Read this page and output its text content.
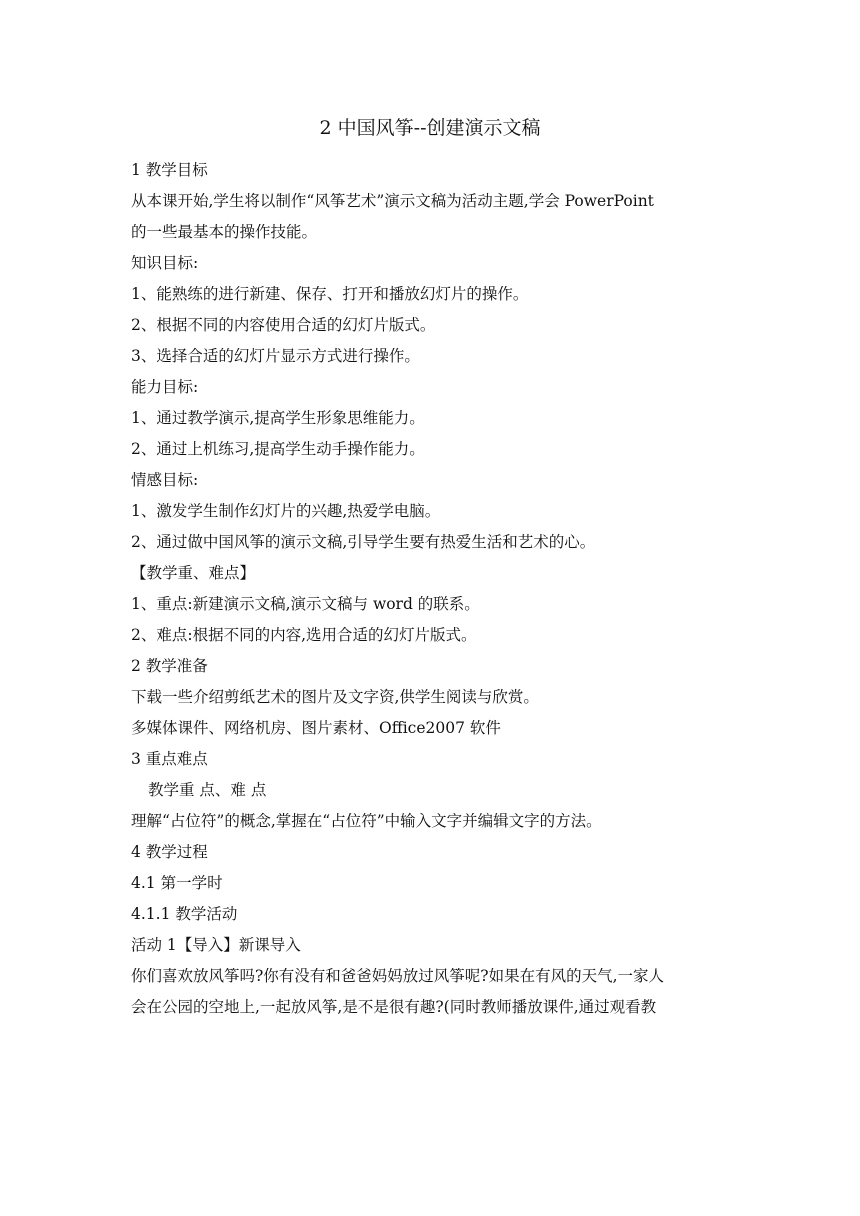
2 中国风筝--创建演示文稿
1 教学目标
从本课开始,学生将以制作“风筝艺术”演示文稿为活动主题,学会 PowerPoint
的一些最基本的操作技能。
知识目标:
1、能熟练的进行新建、保存、打开和播放幻灯片的操作。
2、根据不同的内容使用合适的幻灯片版式。
3、选择合适的幻灯片显示方式进行操作。
能力目标:
1、通过教学演示,提高学生形象思维能力。
2、通过上机练习,提高学生动手操作能力。
情感目标:
1、激发学生制作幻灯片的兴趣,热爱学电脑。
2、通过做中国风筝的演示文稿,引导学生要有热爱生活和艺术的心。
【教学重、难点】
1、重点:新建演示文稿,演示文稿与 word 的联系。
2、难点:根据不同的内容,选用合适的幻灯片版式。
2 教学准备
下载一些介绍剪纸艺术的图片及文字资,供学生阅读与欣赏。
多媒体课件、网络机房、图片素材、Office2007 软件
3 重点难点
教学重 点、难 点
理解“占位符”的概念,掌握在“占位符”中输入文字并编辑文字的方法。
4 教学过程
4.1 第一学时
4.1.1 教学活动
活动 1【导入】新课导入
你们喜欢放风筝吗?你有没有和爸爸妈妈放过风筝呢?如果在有风的天气,一家人
会在公园的空地上,一起放风筝,是不是很有趣?(同时教师播放课件,通过观看教
